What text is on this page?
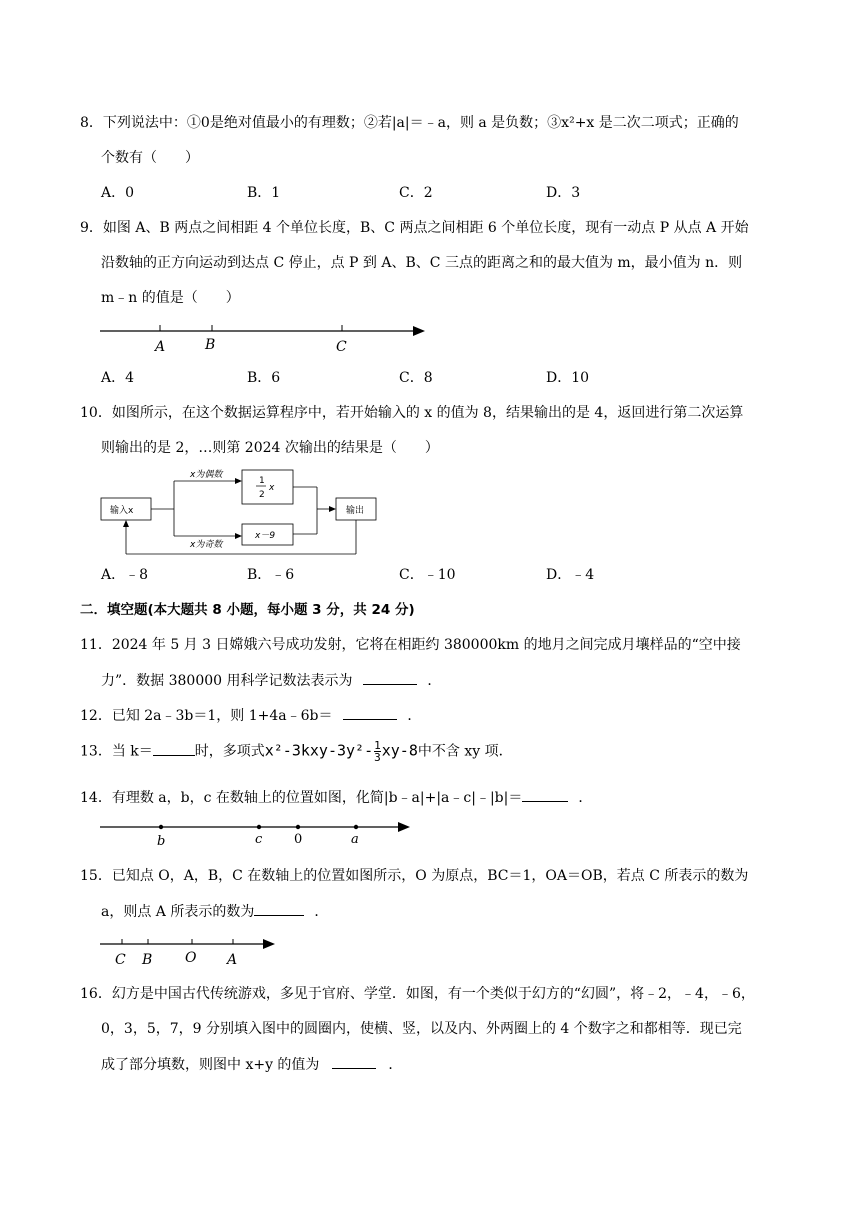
8．下列说法中：①0是绝对值最小的有理数；②若|a|＝﹣a，则 a 是负数；③x²+x 是二次二项式；正确的
个数有（　　）
A．0	B．1	C．2	D．3
9．如图 A、B 两点之间相距 4 个单位长度，B、C 两点之间相距 6 个单位长度，现有一动点 P 从点 A 开始
沿数轴的正方向运动到达点 C 停止，点 P 到 A、B、C 三点的距离之和的最大值为 m，最小值为 n．则
m﹣n 的值是（　　）
A	B	C
A．4	B．6	C．8	D．10
10．如图所示，在这个数据运算程序中，若开始输入的 x 的值为 8，结果输出的是 4，返回进行第二次运算
则输出的是 2，…则第 2024 次输出的结果是（　　）
输入x
x为偶数
x为奇数
1
2
x
x－9
输出
A．﹣8	B．﹣6	C．﹣10	D．﹣4
二．填空题(本大题共 8 小题，每小题 3 分，共 24 分)
11．2024 年 5 月 3 日嫦娥六号成功发射，它将在相距约 380000km 的地月之间完成月壤样品的“空中接
力”．数据 380000 用科学记数法表示为	．
12．已知 2a﹣3b＝1，则 1+4a﹣6b＝	．
13．当 k＝	时，多项式$x^2-3kxy-3y^2- \frac{1}{3} xy-8$中不含 xy 项．
14．有理数 a，b，c 在数轴上的位置如图，化简|b﹣a|+|a﹣c|﹣|b|＝	．
b	c 0	a
15．已知点 O，A，B，C 在数轴上的位置如图所示，O 为原点，BC＝1，OA＝OB，若点 C 所表示的数为
a，则点 A 所表示的数为	．
C B O A
16．幻方是中国古代传统游戏，多见于官府、学堂．如图，有一个类似于幻方的“幻圆”，将﹣2，﹣4，﹣6，
0，3，5，7，9 分别填入图中的圆圈内，使横、竖，以及内、外两圈上的 4 个数字之和都相等．现已完
成了部分填数，则图中 x+y 的值为	．
